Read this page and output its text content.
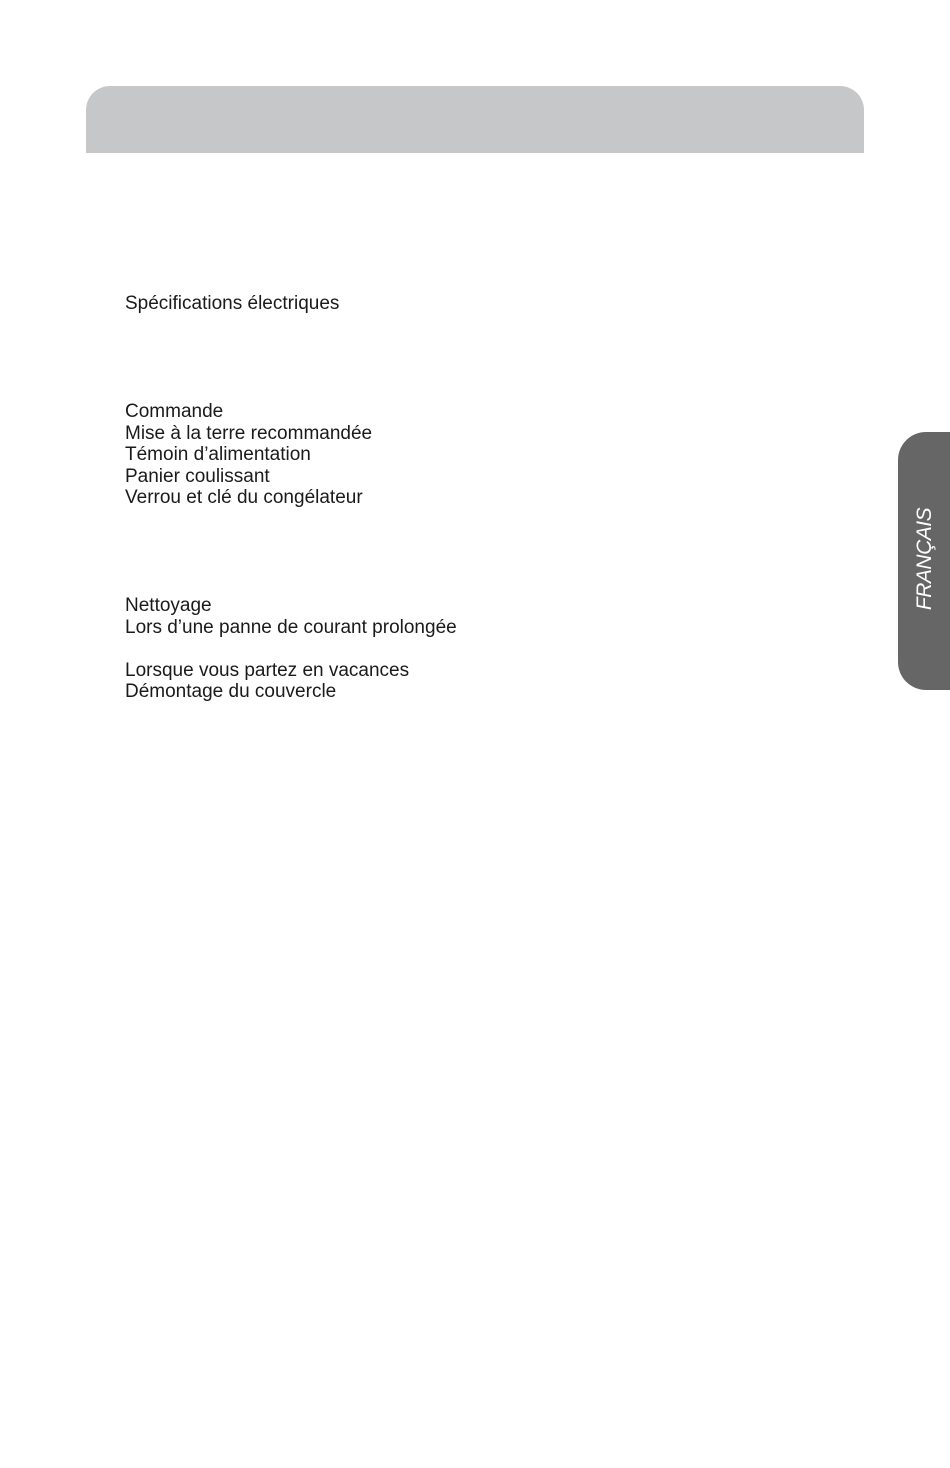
Spécifications électriques
Commande
Mise à la terre recommandée
Témoin d’alimentation
Panier coulissant
Verrou et clé du congélateur
Nettoyage
Lors d’une panne de courant prolongée
Lorsque vous partez en vacances
Démontage du couvercle
FRANÇAIS
